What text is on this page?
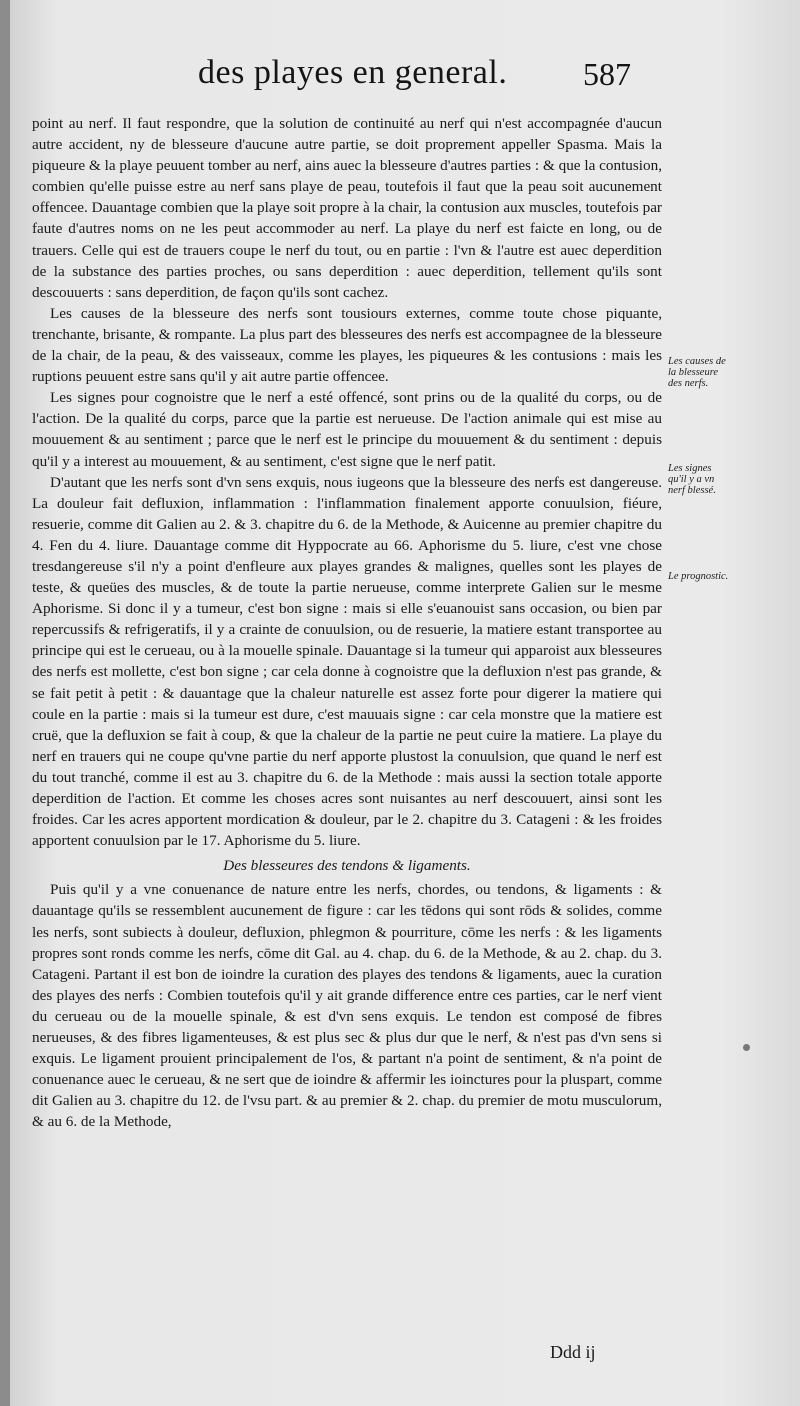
des playes en general. 587

point au nerf. Il faut respondre, que la solution de continuité au nerf qui n'est accompagnée d'aucun autre accident, ny de blesseure d'aucune autre partie, se doit proprement appeller Spasma. Mais la piqueure & la playe peuuent tomber au nerf, ains auec la blesseure d'autres parties : & que la contusion, combien qu'elle puisse estre au nerf sans playe de peau, toutefois il faut que la peau soit aucunement offencee. Dauantage combien que la playe soit propre à la chair, la contusion aux muscles, toutefois par faute d'autres noms on ne les peut accommoder au nerf. La playe du nerf est faicte en long, ou de trauers. Celle qui est de trauers coupe le nerf du tout, ou en partie : l'vn & l'autre est auec deperdition de la substance des parties proches, ou sans deperdition : auec deperdition, tellement qu'ils sont descouuerts : sans deperdition, de façon qu'ils sont cachez.

Les causes de la blesseure des nerfs sont tousiours externes, comme toute chose piquante, trenchante, brisante, & rompante. La plus part des blesseures des nerfs est accompagnee de la blesseure de la chair, de la peau, & des vaisseaux, comme les playes, les piqueures & les contusions : mais les ruptions peuuent estre sans qu'il y ait autre partie offencee.

Les signes pour cognoistre que le nerf a esté offencé, sont prins ou de la qualité du corps, ou de l'action. De la qualité du corps, parce que la partie est nerueuse. De l'action animale qui est mise au mouuement & au sentiment ; parce que le nerf est le principe du mouuement & du sentiment : depuis qu'il y a interest au mouuement, & au sentiment, c'est signe que le nerf patit.

D'autant que les nerfs sont d'vn sens exquis, nous iugeons que la blesseure des nerfs est dangereuse. La douleur fait defluxion, inflammation : l'inflammation finalement apporte conuulsion, fiéure, resuerie, comme dit Galien au 2. & 3. chapitre du 6. de la Methode, & Auicenne au premier chapitre du 4. Fen du 4. liure. Dauantage comme dit Hyppocrate au 66. Aphorisme du 5. liure, c'est vne chose tresdangereuse s'il n'y a point d'enfleure aux playes grandes & malignes, quelles sont les playes de teste, & queües des muscles, & de toute la partie nerueuse, comme interprete Galien sur le mesme Aphorisme. Si donc il y a tumeur, c'est bon signe : mais si elle s'euanouist sans occasion, ou bien par repercussifs & refrigeratifs, il y a crainte de conuulsion, ou de resuerie, la matiere estant transportee au principe qui est le cerueau, ou à la mouelle spinale. Dauantage si la tumeur qui apparoist aux blesseures des nerfs est mollette, c'est bon signe ; car cela donne à cognoistre que la defluxion n'est pas grande, & se fait petit à petit : & dauantage que la chaleur naturelle est assez forte pour digerer la matiere qui coule en la partie : mais si la tumeur est dure, c'est mauuais signe : car cela monstre que la matiere est cruë, que la defluxion se fait à coup, & que la chaleur de la partie ne peut cuire la matiere. La playe du nerf en trauers qui ne coupe qu'vne partie du nerf apporte plustost la conuulsion, que quand le nerf est du tout tranché, comme il est au 3. chapitre du 6. de la Methode : mais aussi la section totale apporte deperdition de l'action. Et comme les choses acres sont nuisantes au nerf descouuert, ainsi sont les froides. Car les acres apportent mordication & douleur, par le 2. chapitre du 3. Catageni : & les froides apportent conuulsion par le 17. Aphorisme du 5. liure.

Des blesseures des tendons & ligaments.

Puis qu'il y a vne conuenance de nature entre les nerfs, chordes, ou tendons, & ligaments : & dauantage qu'ils se ressemblent aucunement de figure : car les tēdons qui sont rōds & solides, comme les nerfs, sont subiects à douleur, defluxion, phlegmon & pourriture, cōme les nerfs : & les ligaments propres sont ronds comme les nerfs, cōme dit Gal. au 4. chap. du 6. de la Methode, & au 2. chap. du 3. Catageni. Partant il est bon de ioindre la curation des playes des tendons & ligaments, auec la curation des playes des nerfs : Combien toutefois qu'il y ait grande difference entre ces parties, car le nerf vient du cerueau ou de la mouelle spinale, & est d'vn sens exquis. Le tendon est composé de fibres nerueuses, & des fibres ligamenteuses, & est plus sec & plus dur que le nerf, & n'est pas d'vn sens si exquis. Le ligament prouient principalement de l'os, & partant n'a point de sentiment, & n'a point de conuenance auec le cerueau, & ne sert que de ioindre & affermir les ioinctures pour la pluspart, comme dit Galien au 3. chapitre du 12. de l'vsu part. & au premier & 2. chap. du premier de motu musculorum, & au 6. de la Methode,

Les causes de la blesseure des nerfs.
Les signes qu'il y a vn nerf blessé.
Le prognostic.
Ddd ij
